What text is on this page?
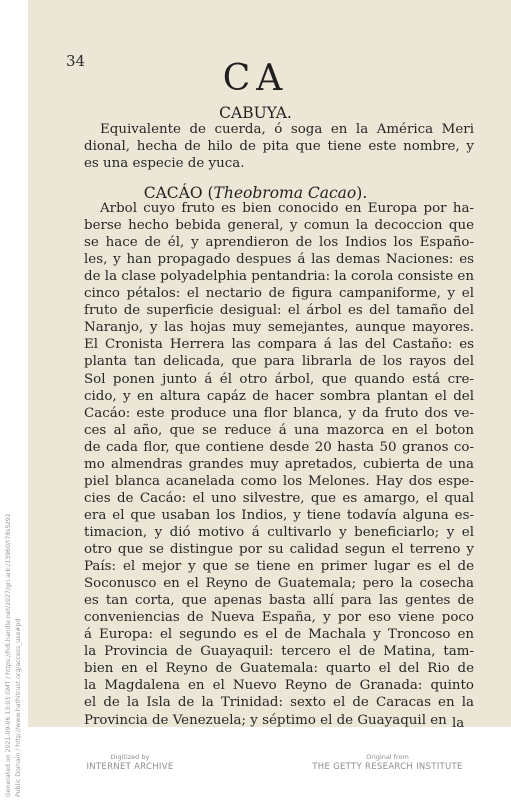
34	CA
CABUYA.
Equivalente de cuerda, ó soga en la América Meri
dional, hecha de hilo de pita que tiene este nombre, y
es una especie de yuca.
CACÁO (Theobroma Cacao).
Arbol cuyo fruto es bien conocido en Europa por ha-
berse hecho bebida general, y comun la decoccion que
se hace de él, y aprendieron de los Indios los Españo-
les, y han propagado despues á las demas Naciones: es
de la clase polyadelphia pentandria: la corola consiste en
cinco pétalos: el nectario de figura campaniforme, y el
fruto de superficie desigual: el árbol es del tamaño del
Naranjo, y las hojas muy semejantes, aunque mayores.
El Cronista Herrera las compara á las del Castaño: es
planta tan delicada, que para librarla de los rayos del
Sol ponen junto á él otro árbol, que quando está cre-
cido, y en altura capáz de hacer sombra plantan el del
Cacáo: este produce una flor blanca, y da fruto dos ve-
ces al año, que se reduce á una mazorca en el boton
de cada flor, que contiene desde 20 hasta 50 granos co-
mo almendras grandes muy apretados, cubierta de una
piel blanca acanelada como los Melones. Hay dos espe-
cies de Cacáo: el uno silvestre, que es amargo, el qual
era el que usaban los Indios, y tiene todavía alguna es-
timacion, y dió motivo á cultivarlo y beneficiarlo; y el
otro que se distingue por su calidad segun el terreno y
País: el mejor y que se tiene en primer lugar es el de
Soconusco en el Reyno de Guatemala; pero la cosecha
es tan corta, que apenas basta allí para las gentes de
conveniencias de Nueva España, y por eso viene poco
á Europa: el segundo es el de Machala y Troncoso en
la Provincia de Guayaquil: tercero el de Matina, tam-
bien en el Reyno de Guatemala: quarto el del Rio de
la Magdalena en el Nuevo Reyno de Granada: quinto
el de la Isla de la Trinidad: sexto el de Caracas en la
Provincia de Venezuela; y séptimo el de Guayaquil en la
Generated on 2021-09-06 13:03 GMT / https://hdl.handle.net/2027/gri.ark:/13960/t78s5z92 Public Domain / http://www.hathitrust.org/access_use#pd	Digitized by
INTERNET ARCHIVE
Original from
THE GETTY RESEARCH INSTITUTE
